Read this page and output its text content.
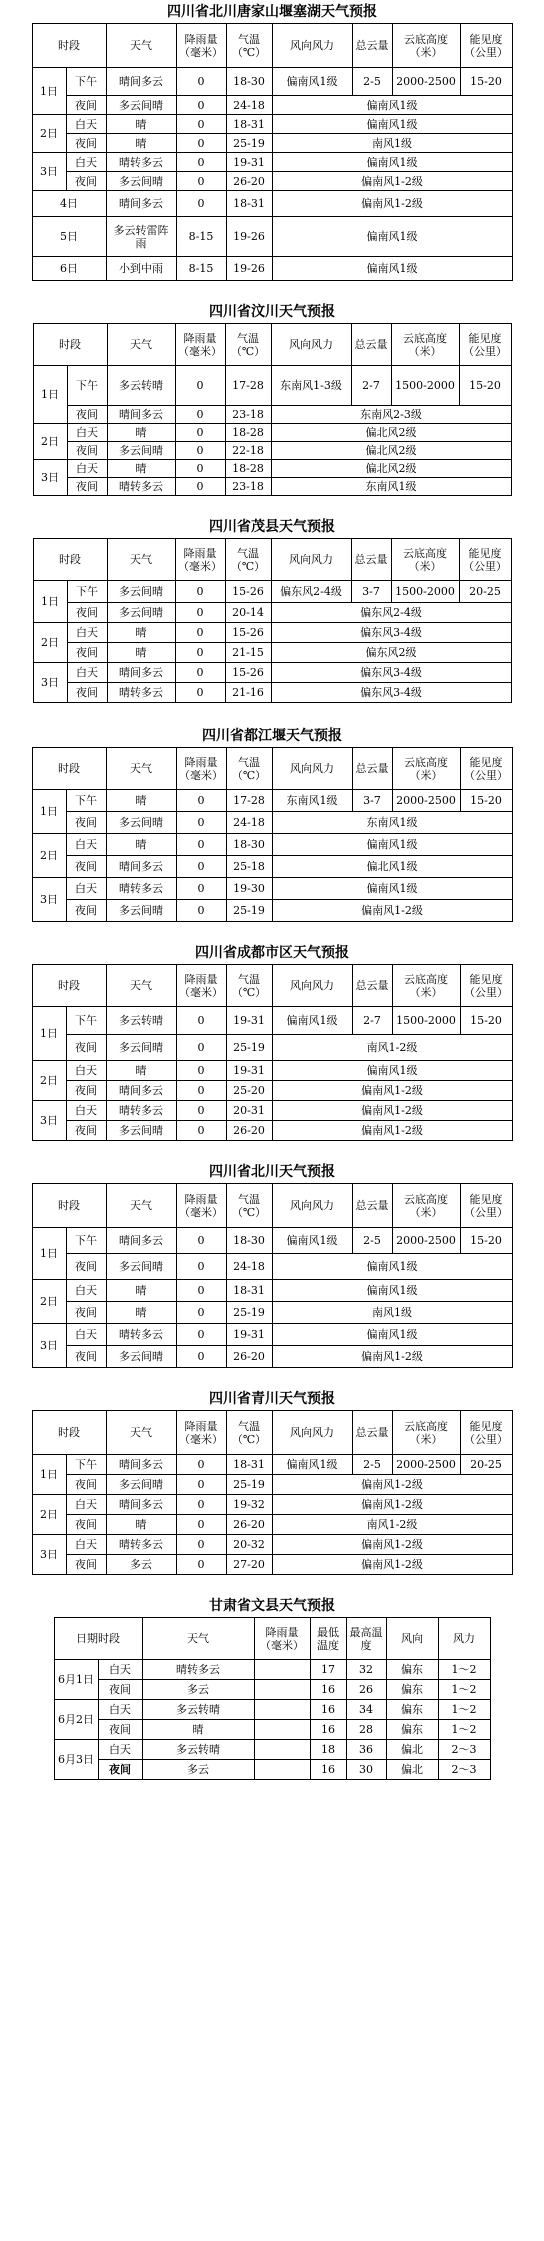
四川省北川唐家山堰塞湖天气预报
时段		天气	降雨量（毫米）	气温（℃）	风向风力	总云量	云底高度（米）	能见度（公里）
1日	下午	晴间多云	0	18-30	偏南风1级	2-5	2000-2500	15-20
	夜间	多云间晴	0	24-18	偏南风1级			
2日	白天	晴	0	18-31	偏南风1级			
	夜间	晴	0	25-19	南风1级			
3日	白天	晴转多云	0	19-31	偏南风1级			
	夜间	多云间晴	0	26-20	偏南风1-2级			
4日		晴间多云	0	18-31	偏南风1-2级			
5日		多云转雷阵雨	8-15	19-26	偏南风1级			
6日		小到中雨	8-15	19-26	偏南风1级			
四川省汶川天气预报
时段		天气	降雨量（毫米）	气温（℃）	风向风力	总云量	云底高度（米）	能见度（公里）
1日	下午	多云转晴	0	17-28	东南风1-3级	2-7	1500-2000	15-20
	夜间	晴间多云	0	23-18	东南风2-3级			
2日	白天	晴	0	18-28	偏北风2级			
	夜间	多云间晴	0	22-18	偏北风2级			
3日	白天	晴	0	18-28	偏北风2级			
	夜间	晴转多云	0	23-18	东南风1级			
四川省茂县天气预报
时段		天气	降雨量（毫米）	气温（℃）	风向风力	总云量	云底高度（米）	能见度（公里）
1日	下午	多云间晴	0	15-26	偏东风2-4级	3-7	1500-2000	20-25
	夜间	多云间晴	0	20-14	偏东风2-4级			
2日	白天	晴	0	15-26	偏东风3-4级			
	夜间	晴	0	21-15	偏东风2级			
3日	白天	晴间多云	0	15-26	偏东风3-4级			
	夜间	晴转多云	0	21-16	偏东风3-4级			
四川省都江堰天气预报
时段		天气	降雨量（毫米）	气温（℃）	风向风力	总云量	云底高度（米）	能见度（公里）
1日	下午	晴	0	17-28	东南风1级	3-7	2000-2500	15-20
	夜间	多云间晴	0	24-18	东南风1级			
2日	白天	晴	0	18-30	偏南风1级			
	夜间	晴间多云	0	25-18	偏北风1级			
3日	白天	晴转多云	0	19-30	偏南风1级			
	夜间	多云间晴	0	25-19	偏南风1-2级			
四川省成都市区天气预报
时段		天气	降雨量（毫米）	气温（℃）	风向风力	总云量	云底高度（米）	能见度（公里）
1日	下午	多云转晴	0	19-31	偏南风1级	2-7	1500-2000	15-20
	夜间	多云间晴	0	25-19	南风1-2级			
2日	白天	晴	0	19-31	偏南风1级			
	夜间	晴间多云	0	25-20	偏南风1-2级			
3日	白天	晴转多云	0	20-31	偏南风1-2级			
	夜间	多云间晴	0	26-20	偏南风1-2级			
四川省北川天气预报
时段		天气	降雨量（毫米）	气温（℃）	风向风力	总云量	云底高度（米）	能见度（公里）
1日	下午	晴间多云	0	18-30	偏南风1级	2-5	2000-2500	15-20
	夜间	多云间晴	0	24-18	偏南风1级			
2日	白天	晴	0	18-31	偏南风1级			
	夜间	晴	0	25-19	南风1级			
3日	白天	晴转多云	0	19-31	偏南风1级			
	夜间	多云间晴	0	26-20	偏南风1-2级			
四川省青川天气预报
时段		天气	降雨量（毫米）	气温（℃）	风向风力	总云量	云底高度（米）	能见度（公里）
1日	下午	晴间多云	0	18-31	偏南风1级	2-5	2000-2500	20-25
	夜间	多云间晴	0	25-19	偏南风1-2级			
2日	白天	晴间多云	0	19-32	偏南风1-2级			
	夜间	晴	0	26-20	南风1-2级			
3日	白天	晴转多云	0	20-32	偏南风1-2级			
	夜间	多云	0	27-20	偏南风1-2级			
甘肃省文县天气预报
日期时段		天气	降雨量（毫米）	最低温度	最高温度	风向	风力
6月1日	白天	晴转多云		17	32	偏东	1～2
	夜间	多云		16	26	偏东	1～2
6月2日	白天	多云转晴		16	34	偏东	1～2
	夜间	晴		16	28	偏东	1～2
6月3日	白天	多云转晴		18	36	偏北	2～3
	夜间	多云		16	30	偏北	2～3
